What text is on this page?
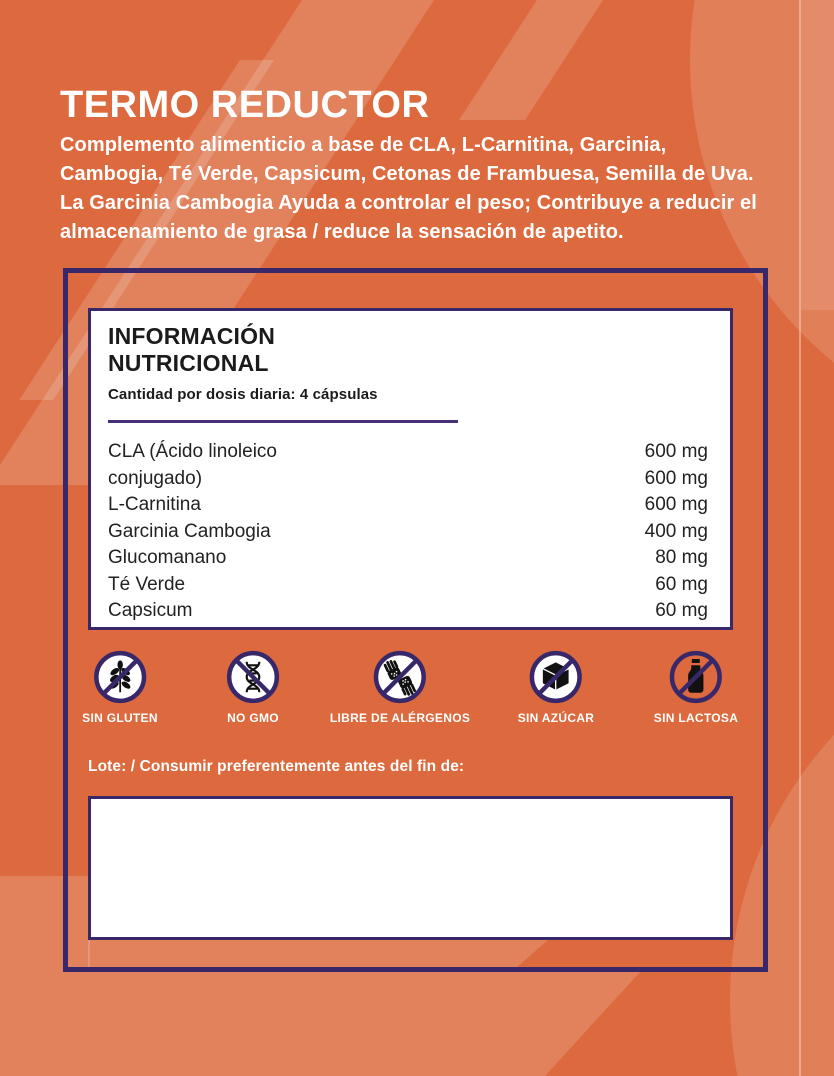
TERMO REDUCTOR
Complemento alimenticio a base de CLA, L-Carnitina, Garcinia,
Cambogia, Té Verde, Capsicum, Cetonas de Frambuesa, Semilla de Uva.
La Garcinia Cambogia Ayuda a controlar el peso; Contribuye a reducir el
almacenamiento de grasa / reduce la sensación de apetito.
INFORMACIÓN
NUTRICIONAL
Cantidad por dosis diaria: 4 cápsulas
CLA (Ácido linoleico	600 mg
conjugado)	600 mg
L-Carnitina	600 mg
Garcinia Cambogia	400 mg
Glucomanano	80 mg
Té Verde	60 mg
Capsicum	60 mg
SIN GLUTEN	NO GMO	LIBRE DE ALÉRGENOS	SIN AZÚCAR	SIN LACTOSA
Lote: / Consumir preferentemente antes del fin de:
